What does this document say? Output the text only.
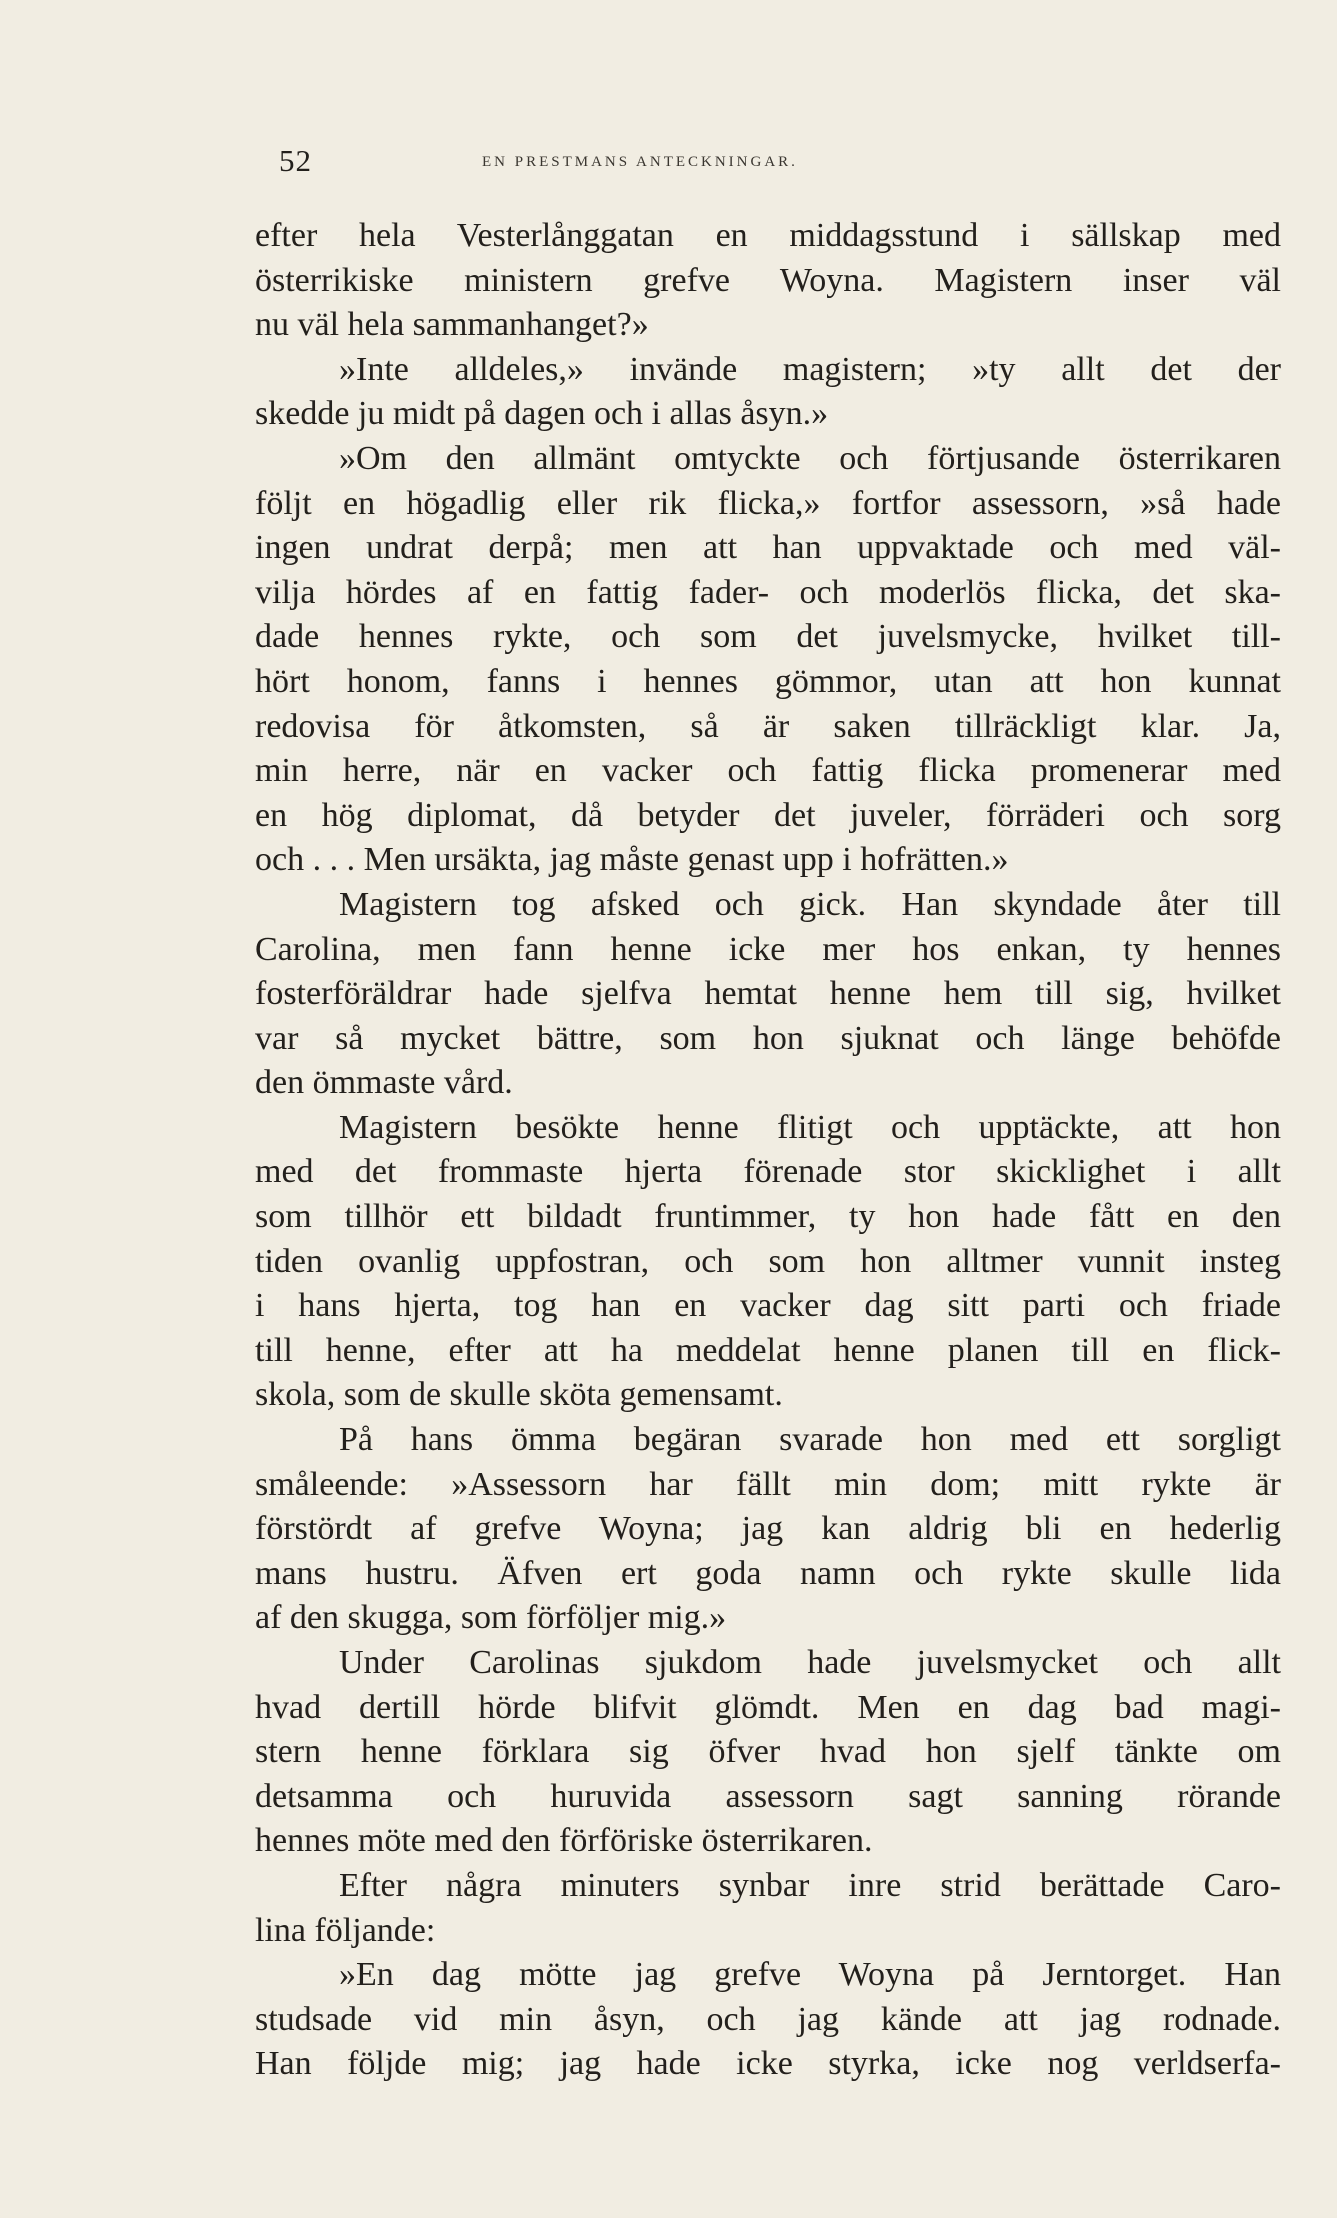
52	EN PRESTMANS ANTECKNINGAR.
efter hela Vesterlånggatan en middagsstund i sällskap med
österrikiske ministern grefve Woyna. Magistern inser väl
nu väl hela sammanhanget?»
»Inte alldeles,» invände magistern; »ty allt det der
skedde ju midt på dagen och i allas åsyn.»
»Om den allmänt omtyckte och förtjusande österrikaren
följt en högadlig eller rik flicka,» fortfor assessorn, »så hade
ingen undrat derpå; men att han uppvaktade och med väl-
vilja hördes af en fattig fader- och moderlös flicka, det ska-
dade hennes rykte, och som det juvelsmycke, hvilket till-
hört honom, fanns i hennes gömmor, utan att hon kunnat
redovisa för åtkomsten, så är saken tillräckligt klar. Ja,
min herre, när en vacker och fattig flicka promenerar med
en hög diplomat, då betyder det juveler, förräderi och sorg
och . . . Men ursäkta, jag måste genast upp i hofrätten.»
Magistern tog afsked och gick. Han skyndade åter till
Carolina, men fann henne icke mer hos enkan, ty hennes
fosterföräldrar hade sjelfva hemtat henne hem till sig, hvilket
var så mycket bättre, som hon sjuknat och länge behöfde
den ömmaste vård.
Magistern besökte henne flitigt och upptäckte, att hon
med det frommaste hjerta förenade stor skicklighet i allt
som tillhör ett bildadt fruntimmer, ty hon hade fått en den
tiden ovanlig uppfostran, och som hon alltmer vunnit insteg
i hans hjerta, tog han en vacker dag sitt parti och friade
till henne, efter att ha meddelat henne planen till en flick-
skola, som de skulle sköta gemensamt.
På hans ömma begäran svarade hon med ett sorgligt
småleende: »Assessorn har fällt min dom; mitt rykte är
förstördt af grefve Woyna; jag kan aldrig bli en hederlig
mans hustru. Äfven ert goda namn och rykte skulle lida
af den skugga, som förföljer mig.»
Under Carolinas sjukdom hade juvelsmycket och allt
hvad dertill hörde blifvit glömdt. Men en dag bad magi-
stern henne förklara sig öfver hvad hon sjelf tänkte om
detsamma och huruvida assessorn sagt sanning rörande
hennes möte med den förföriske österrikaren.
Efter några minuters synbar inre strid berättade Caro-
lina följande:
»En dag mötte jag grefve Woyna på Jerntorget. Han
studsade vid min åsyn, och jag kände att jag rodnade.
Han följde mig; jag hade icke styrka, icke nog verldserfa-
